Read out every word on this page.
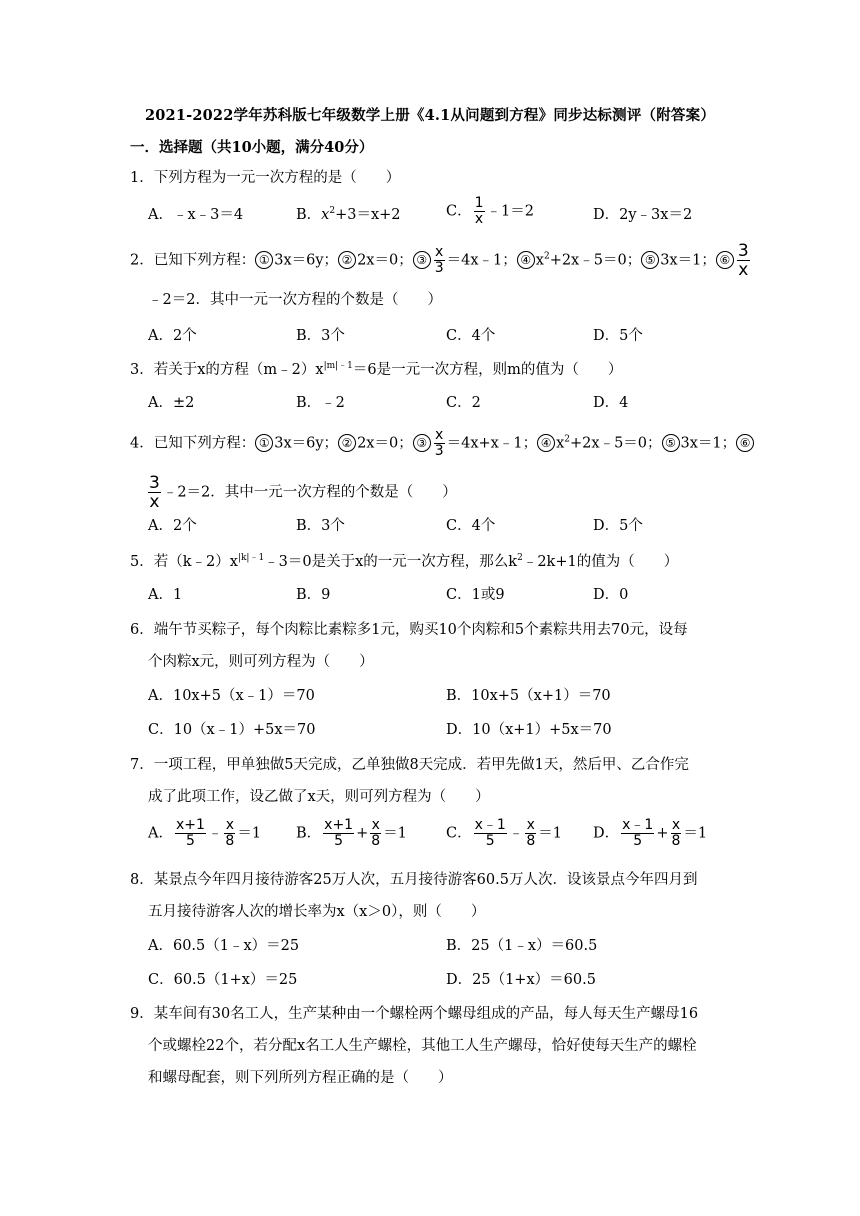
2021-2022学年苏科版七年级数学上册《4.1从问题到方程》同步达标测评（附答案）
一．选择题（共10小题，满分40分）
1．下列方程为一元一次方程的是（　　）
A．﹣x﹣3＝4	B．$x^2+3=x+2$	C． $\frac{1}{x}$ ﹣1＝2	D．2y﹣3x＝2
2．已知下列方程： ① 3x＝6y； ② 2x＝0； ③ $\frac{x}{3}$ ＝4x﹣1； ④ $x^2+2x﹣5=0$； ⑤ 3x＝1； ⑥ $\frac{3}{x}$
﹣2＝2．其中一元一次方程的个数是（　　）
A．2个	B．3个	C．4个	D．5个
3．若关于x的方程$(m﹣2)x^{|m|﹣1}=6$是一元一次方程，则m的值为（　　）
A．±2	B．﹣2	C．2	D．4
4．已知下列方程： ① 3x＝6y； ② 2x＝0； ③ $\frac{x}{3}$ ＝4x+x﹣1； ④ $x^2+2x﹣5=0$； ⑤ 3x＝1； ⑥
$\frac{3}{x}$ ﹣2＝2．其中一元一次方程的个数是（　　）
A．2个	B．3个	C．4个	D．5个
5．若$(k﹣2)x^{|k|﹣1}﹣3=0$是关于x的一元一次方程，那么$k^2﹣2k+1$的值为（　　）
A．1	B．9	C．1或9	D．0
6．端午节买粽子，每个肉粽比素粽多1元，购买10个肉粽和5个素粽共用去70元，设每
个肉粽x元，则可列方程为（　　）
A．10x+5（x﹣1）＝70	B．10x+5（x+1）＝70
C．10（x﹣1）+5x＝70	D．10（x+1）+5x＝70
7．一项工程，甲单独做5天完成，乙单独做8天完成．若甲先做1天，然后甲、乙合作完
成了此项工作，设乙做了x天，则可列方程为（　　）
A． $\frac{x+1}{5}$ ﹣ $\frac{x}{8} =1$ B． $\frac{x+1}{5} + \frac{x}{8} =1$	C． $\frac{x﹣1}{5}$ ﹣ $\frac{x}{8} =1$ D． $\frac{x﹣1}{5} + \frac{x}{8} =1$
8．某景点今年四月接待游客25万人次，五月接待游客60.5万人次．设该景点今年四月到
五月接待游客人次的增长率为x（x＞0），则（　　）
A．60.5（1﹣x）＝25	B．25（1﹣x）＝60.5
C．60.5（1+x）＝25	D．25（1+x）＝60.5
9．某车间有30名工人，生产某种由一个螺栓两个螺母组成的产品，每人每天生产螺母16
个或螺栓22个，若分配x名工人生产螺栓，其他工人生产螺母，恰好使每天生产的螺栓
和螺母配套，则下列所列方程正确的是（　　）
